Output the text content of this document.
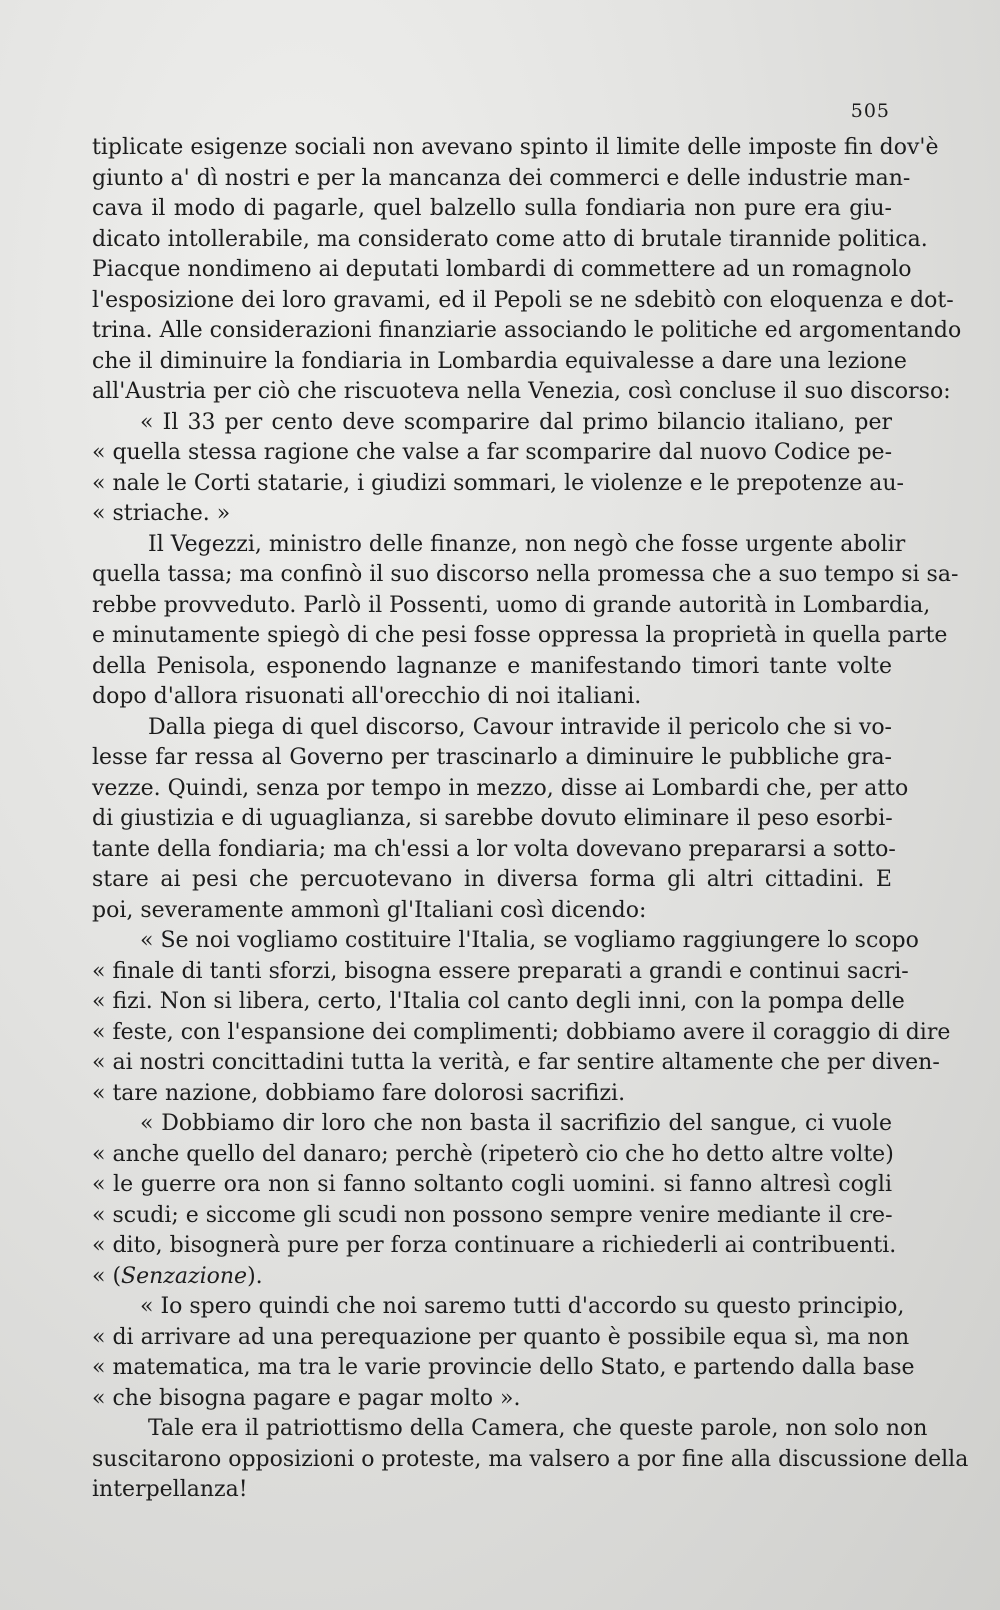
505
tiplicate esigenze sociali non avevano spinto il limite delle imposte fin dov'è
giunto a' dì nostri e per la mancanza dei commerci e delle industrie man-
cava il modo di pagarle, quel balzello sulla fondiaria non pure era giu-
dicato intollerabile, ma considerato come atto di brutale tirannide politica.
Piacque nondimeno ai deputati lombardi di commettere ad un romagnolo
l'esposizione dei loro gravami, ed il Pepoli se ne sdebitò con eloquenza e dot-
trina. Alle considerazioni finanziarie associando le politiche ed argomentando
che il diminuire la fondiaria in Lombardia equivalesse a dare una lezione
all'Austria per ciò che riscuoteva nella Venezia, così concluse il suo discorso:
« Il 33 per cento deve scomparire dal primo bilancio italiano, per
« quella stessa ragione che valse a far scomparire dal nuovo Codice pe-
« nale le Corti statarie, i giudizi sommari, le violenze e le prepotenze au-
« striache. »
Il Vegezzi, ministro delle finanze, non negò che fosse urgente abolir
quella tassa; ma confinò il suo discorso nella promessa che a suo tempo si sa-
rebbe provveduto. Parlò il Possenti, uomo di grande autorità in Lombardia,
e minutamente spiegò di che pesi fosse oppressa la proprietà in quella parte
della Penisola, esponendo lagnanze e manifestando timori tante volte
dopo d'allora risuonati all'orecchio di noi italiani.
Dalla piega di quel discorso, Cavour intravide il pericolo che si vo-
lesse far ressa al Governo per trascinarlo a diminuire le pubbliche gra-
vezze. Quindi, senza por tempo in mezzo, disse ai Lombardi che, per atto
di giustizia e di uguaglianza, si sarebbe dovuto eliminare il peso esorbi-
tante della fondiaria; ma ch'essi a lor volta dovevano prepararsi a sotto-
stare ai pesi che percuotevano in diversa forma gli altri cittadini. E
poi, severamente ammonì gl'Italiani così dicendo:
« Se noi vogliamo costituire l'Italia, se vogliamo raggiungere lo scopo
« finale di tanti sforzi, bisogna essere preparati a grandi e continui sacri-
« fizi. Non si libera, certo, l'Italia col canto degli inni, con la pompa delle
« feste, con l'espansione dei complimenti; dobbiamo avere il coraggio di dire
« ai nostri concittadini tutta la verità, e far sentire altamente che per diven-
« tare nazione, dobbiamo fare dolorosi sacrifizi.
« Dobbiamo dir loro che non basta il sacrifizio del sangue, ci vuole
« anche quello del danaro; perchè (ripeterò cio che ho detto altre volte)
« le guerre ora non si fanno soltanto cogli uomini. si fanno altresì cogli
« scudi; e siccome gli scudi non possono sempre venire mediante il cre-
« dito, bisognerà pure per forza continuare a richiederli ai contribuenti.
« (Senzazione).
« Io spero quindi che noi saremo tutti d'accordo su questo principio,
« di arrivare ad una perequazione per quanto è possibile equa sì, ma non
« matematica, ma tra le varie provincie dello Stato, e partendo dalla base
« che bisogna pagare e pagar molto ».
Tale era il patriottismo della Camera, che queste parole, non solo non
suscitarono opposizioni o proteste, ma valsero a por fine alla discussione della
interpellanza!
